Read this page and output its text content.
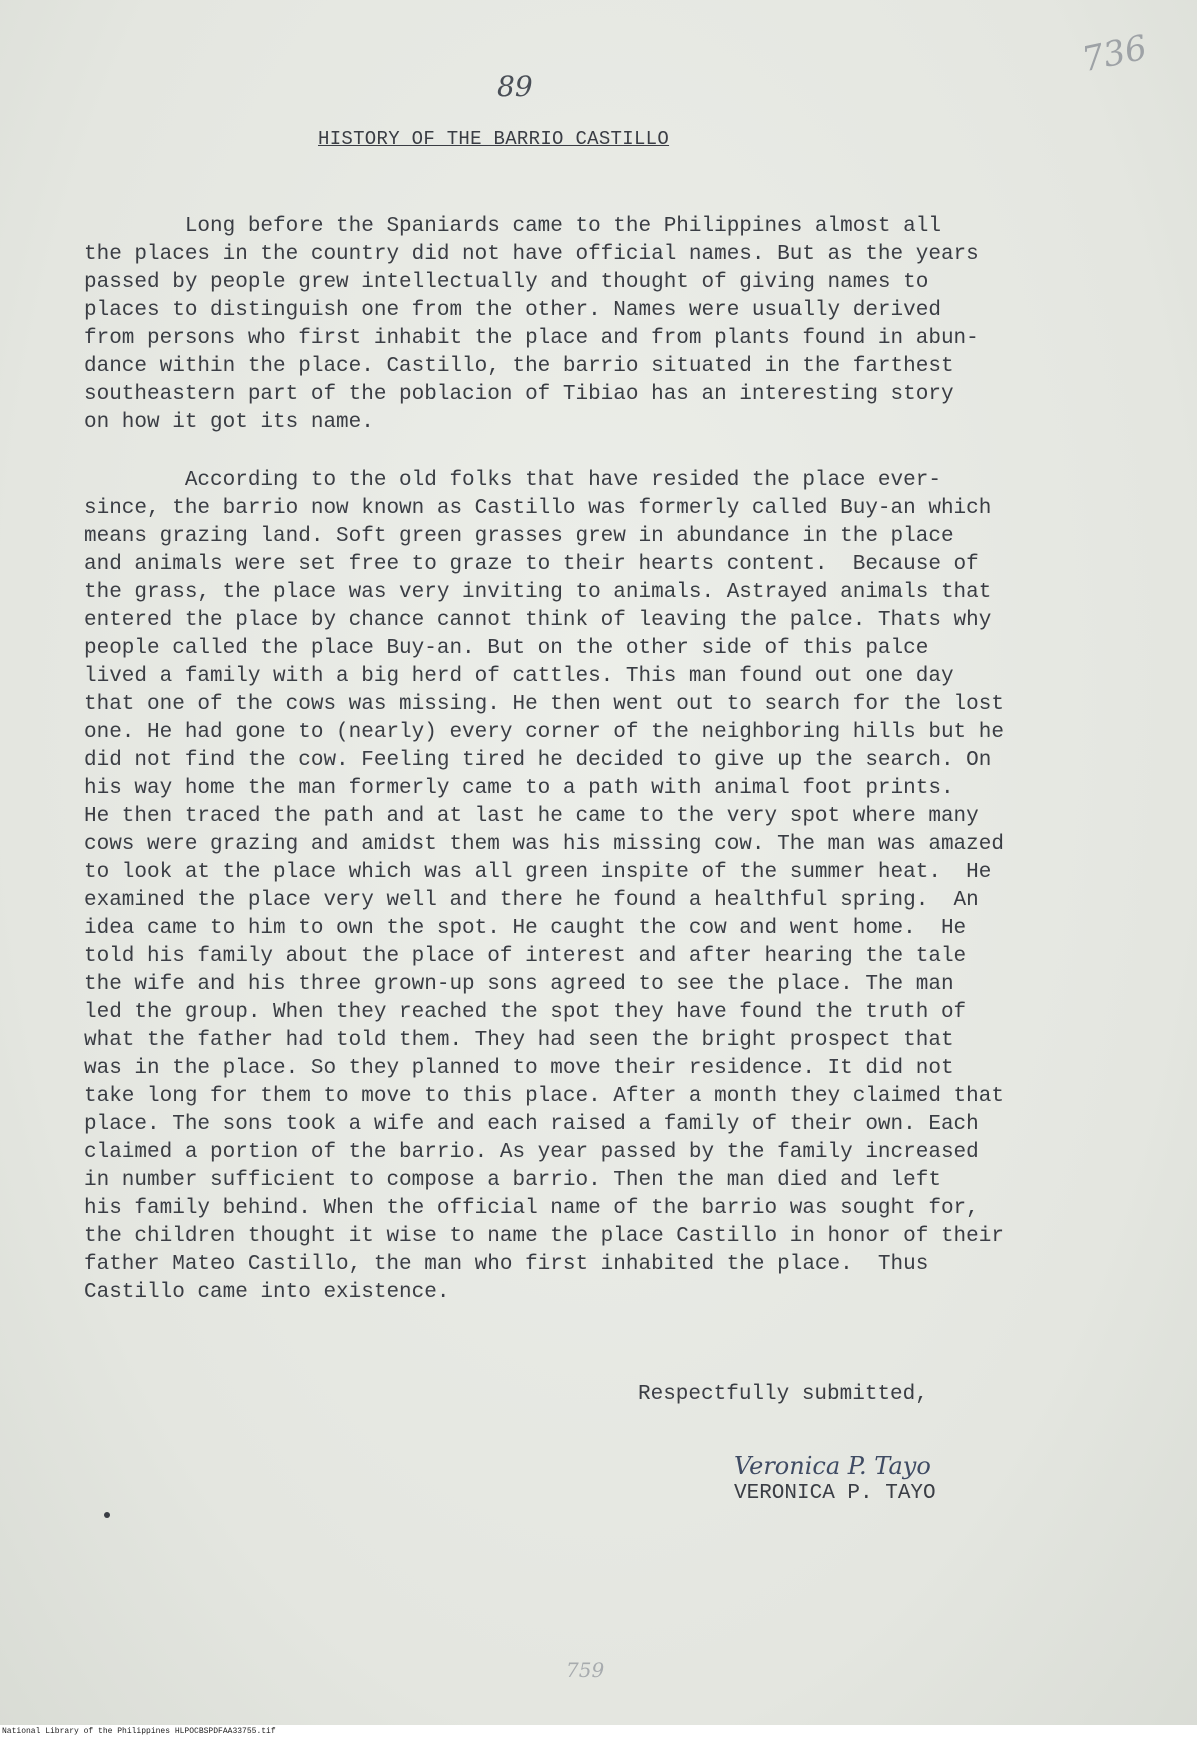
736
89
HISTORY OF THE BARRIO CASTILLO
Long before the Spaniards came to the Philippines almost all
the places in the country did not have official names. But as the years
passed by people grew intellectually and thought of giving names to
places to distinguish one from the other. Names were usually derived
from persons who first inhabit the place and from plants found in abun-
dance within the place. Castillo, the barrio situated in the farthest
southeastern part of the poblacion of Tibiao has an interesting story
on how it got its name.
According to the old folks that have resided the place ever-
since, the barrio now known as Castillo was formerly called Buy-an which
means grazing land. Soft green grasses grew in abundance in the place
and animals were set free to graze to their hearts content.  Because of
the grass, the place was very inviting to animals. Astrayed animals that
entered the place by chance cannot think of leaving the palce. Thats why
people called the place Buy-an. But on the other side of this palce
lived a family with a big herd of cattles. This man found out one day
that one of the cows was missing. He then went out to search for the lost
one. He had gone to (nearly) every corner of the neighboring hills but he
did not find the cow. Feeling tired he decided to give up the search. On
his way home the man formerly came to a path with animal foot prints.
He then traced the path and at last he came to the very spot where many
cows were grazing and amidst them was his missing cow. The man was amazed
to look at the place which was all green inspite of the summer heat.  He
examined the place very well and there he found a healthful spring.  An
idea came to him to own the spot. He caught the cow and went home.  He
told his family about the place of interest and after hearing the tale
the wife and his three grown-up sons agreed to see the place. The man
led the group. When they reached the spot they have found the truth of
what the father had told them. They had seen the bright prospect that
was in the place. So they planned to move their residence. It did not
take long for them to move to this place. After a month they claimed that
place. The sons took a wife and each raised a family of their own. Each
claimed a portion of the barrio. As year passed by the family increased
in number sufficient to compose a barrio. Then the man died and left
his family behind. When the official name of the barrio was sought for,
the children thought it wise to name the place Castillo in honor of their
father Mateo Castillo, the man who first inhabited the place.  Thus
Castillo came into existence.
Respectfully submitted,
Veronica P. Tayo
VERONICA P. TAYO
759
National Library of the Philippines HLPOCBSPDFAA33755.tif
